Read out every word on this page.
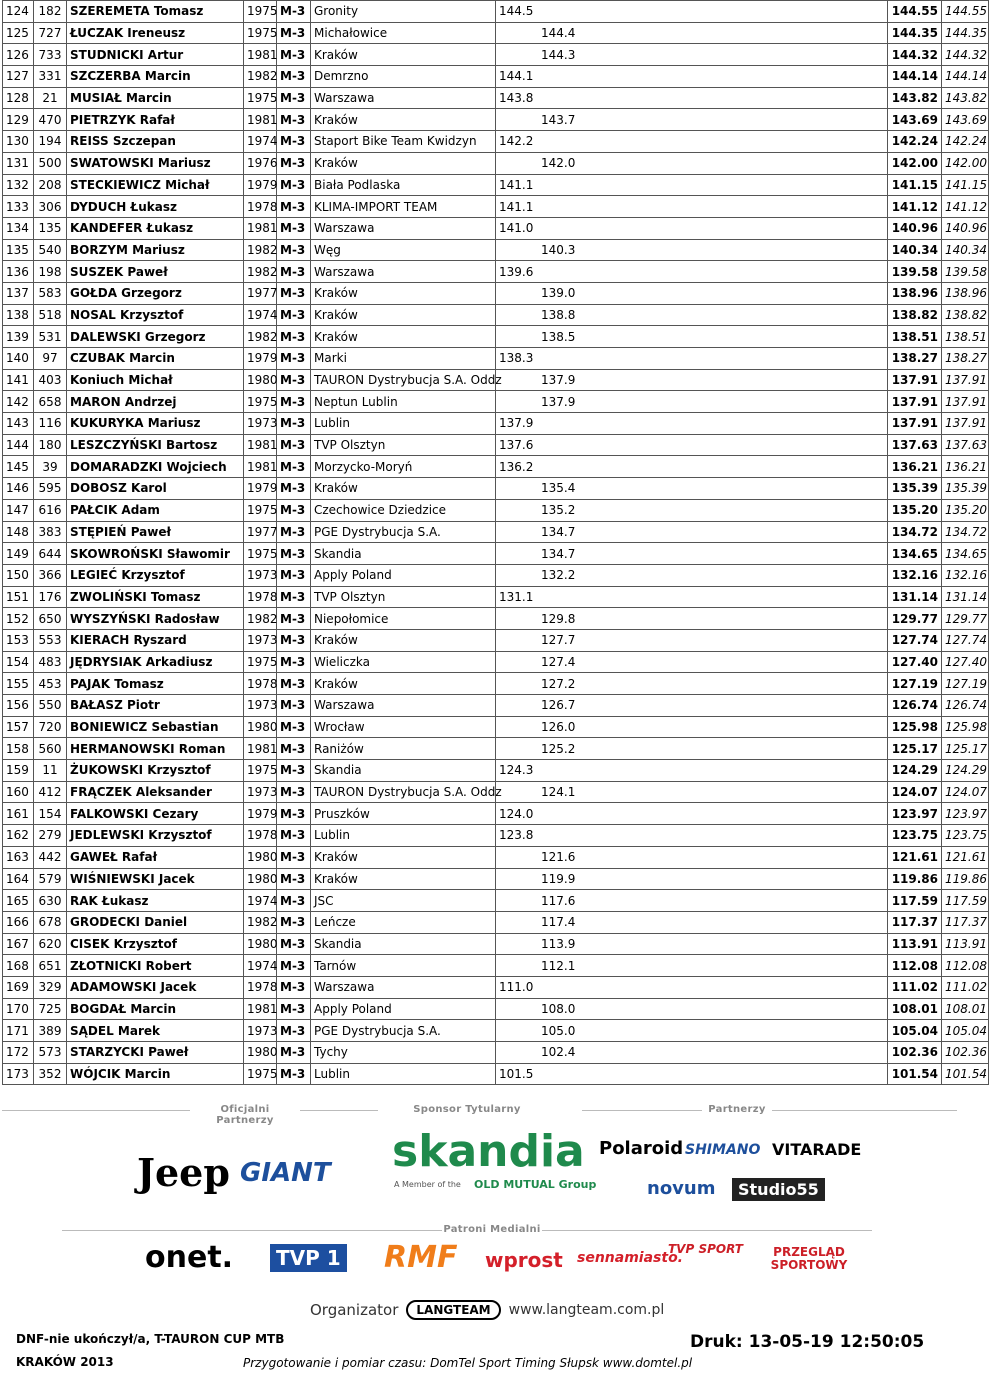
124	182	SZEREMETA Tomasz	1975	M-3	Gronity	144.5			144.55	144.55
125	727	ŁUCZAK Ireneusz	1975	M-3	Michałowice		144.4		144.35	144.35
126	733	STUDNICKI Artur	1981	M-3	Kraków		144.3		144.32	144.32
127	331	SZCZERBA Marcin	1982	M-3	Demrzno	144.1			144.14	144.14
128	21	MUSIAŁ Marcin	1975	M-3	Warszawa	143.8			143.82	143.82
129	470	PIETRZYK Rafał	1981	M-3	Kraków		143.7		143.69	143.69
130	194	REISS Szczepan	1974	M-3	Staport Bike Team Kwidzyn	142.2			142.24	142.24
131	500	SWATOWSKI Mariusz	1976	M-3	Kraków		142.0		142.00	142.00
132	208	STECKIEWICZ Michał	1979	M-3	Biała Podlaska	141.1			141.15	141.15
133	306	DYDUCH Łukasz	1978	M-3	KLIMA-IMPORT TEAM	141.1			141.12	141.12
134	135	KANDEFER Łukasz	1981	M-3	Warszawa	141.0			140.96	140.96
135	540	BORZYM Mariusz	1982	M-3	Węg		140.3		140.34	140.34
136	198	SUSZEK Paweł	1982	M-3	Warszawa	139.6			139.58	139.58
137	583	GOŁDA Grzegorz	1977	M-3	Kraków		139.0		138.96	138.96
138	518	NOSAL Krzysztof	1974	M-3	Kraków		138.8		138.82	138.82
139	531	DALEWSKI Grzegorz	1982	M-3	Kraków		138.5		138.51	138.51
140	97	CZUBAK Marcin	1979	M-3	Marki	138.3			138.27	138.27
141	403	Koniuch Michał	1980	M-3	TAURON Dystrybucja S.A. Oddz		137.9		137.91	137.91
142	658	MARON Andrzej	1975	M-3	Neptun Lublin		137.9		137.91	137.91
143	116	KUKURYKA Mariusz	1973	M-3	Lublin	137.9			137.91	137.91
144	180	LESZCZYŃSKI Bartosz	1981	M-3	TVP Olsztyn	137.6			137.63	137.63
145	39	DOMARADZKI Wojciech	1981	M-3	Morzycko-Moryń	136.2			136.21	136.21
146	595	DOBOSZ Karol	1979	M-3	Kraków		135.4		135.39	135.39
147	616	PAŁCIK Adam	1975	M-3	Czechowice Dziedzice		135.2		135.20	135.20
148	383	STĘPIEŃ Paweł	1977	M-3	PGE Dystrybucja S.A.		134.7		134.72	134.72
149	644	SKOWROŃSKI Sławomir	1975	M-3	Skandia		134.7		134.65	134.65
150	366	LEGIEĆ Krzysztof	1973	M-3	Apply Poland		132.2		132.16	132.16
151	176	ZWOLIŃSKI Tomasz	1978	M-3	TVP Olsztyn	131.1			131.14	131.14
152	650	WYSZYŃSKI Radosław	1982	M-3	Niepołomice		129.8		129.77	129.77
153	553	KIERACH Ryszard	1973	M-3	Kraków		127.7		127.74	127.74
154	483	JĘDRYSIAK Arkadiusz	1975	M-3	Wieliczka		127.4		127.40	127.40
155	453	PAJAK Tomasz	1978	M-3	Kraków		127.2		127.19	127.19
156	550	BAŁASZ Piotr	1973	M-3	Warszawa		126.7		126.74	126.74
157	720	BONIEWICZ Sebastian	1980	M-3	Wrocław		126.0		125.98	125.98
158	560	HERMANOWSKI Roman	1981	M-3	Raniżów		125.2		125.17	125.17
159	11	ŻUKOWSKI Krzysztof	1975	M-3	Skandia	124.3			124.29	124.29
160	412	FRĄCZEK Aleksander	1973	M-3	TAURON Dystrybucja S.A. Oddz		124.1		124.07	124.07
161	154	FALKOWSKI Cezary	1979	M-3	Pruszków	124.0			123.97	123.97
162	279	JEDLEWSKI Krzysztof	1978	M-3	Lublin	123.8			123.75	123.75
163	442	GAWEŁ Rafał	1980	M-3	Kraków		121.6		121.61	121.61
164	579	WIŚNIEWSKI Jacek	1980	M-3	Kraków		119.9		119.86	119.86
165	630	RAK Łukasz	1974	M-3	JSC		117.6		117.59	117.59
166	678	GRODECKI Daniel	1982	M-3	Leńcze		117.4		117.37	117.37
167	620	CISEK Krzysztof	1980	M-3	Skandia		113.9		113.91	113.91
168	651	ZŁOTNICKI Robert	1974	M-3	Tarnów		112.1		112.08	112.08
169	329	ADAMOWSKI Jacek	1978	M-3	Warszawa	111.0			111.02	111.02
170	725	BOGDAŁ Marcin	1981	M-3	Apply Poland		108.0		108.01	108.01
171	389	SĄDEL Marek	1973	M-3	PGE Dystrybucja S.A.		105.0		105.04	105.04
172	573	STARZYCKI Paweł	1980	M-3	Tychy		102.4		102.36	102.36
173	352	WÓJCIK Marcin	1975	M-3	Lublin	101.5			101.54	101.54
Oficjalni Partnerzy
Sponsor Tytularny	Partnerzy
Jeep GIANT skandia
A Member of the OLD MUTUAL Group
Polaroid SHIMANO VITARADE
novum	Studio55
Patroni Medialni
onet.	TVP 1 RMF wprost sennamiasto.
TVP SPORT	PRZEGLĄD SPORTOWY
Organizator	LANGTEAM	www.langteam.com.pl
DNF-nie ukończył/a, T-TAURON CUP MTB
KRAKÓW 2013	Przygotowanie i pomiar czasu: DomTel Sport Timing Słupsk www.domtel.pl
Druk: 13-05-19 12:50:05
